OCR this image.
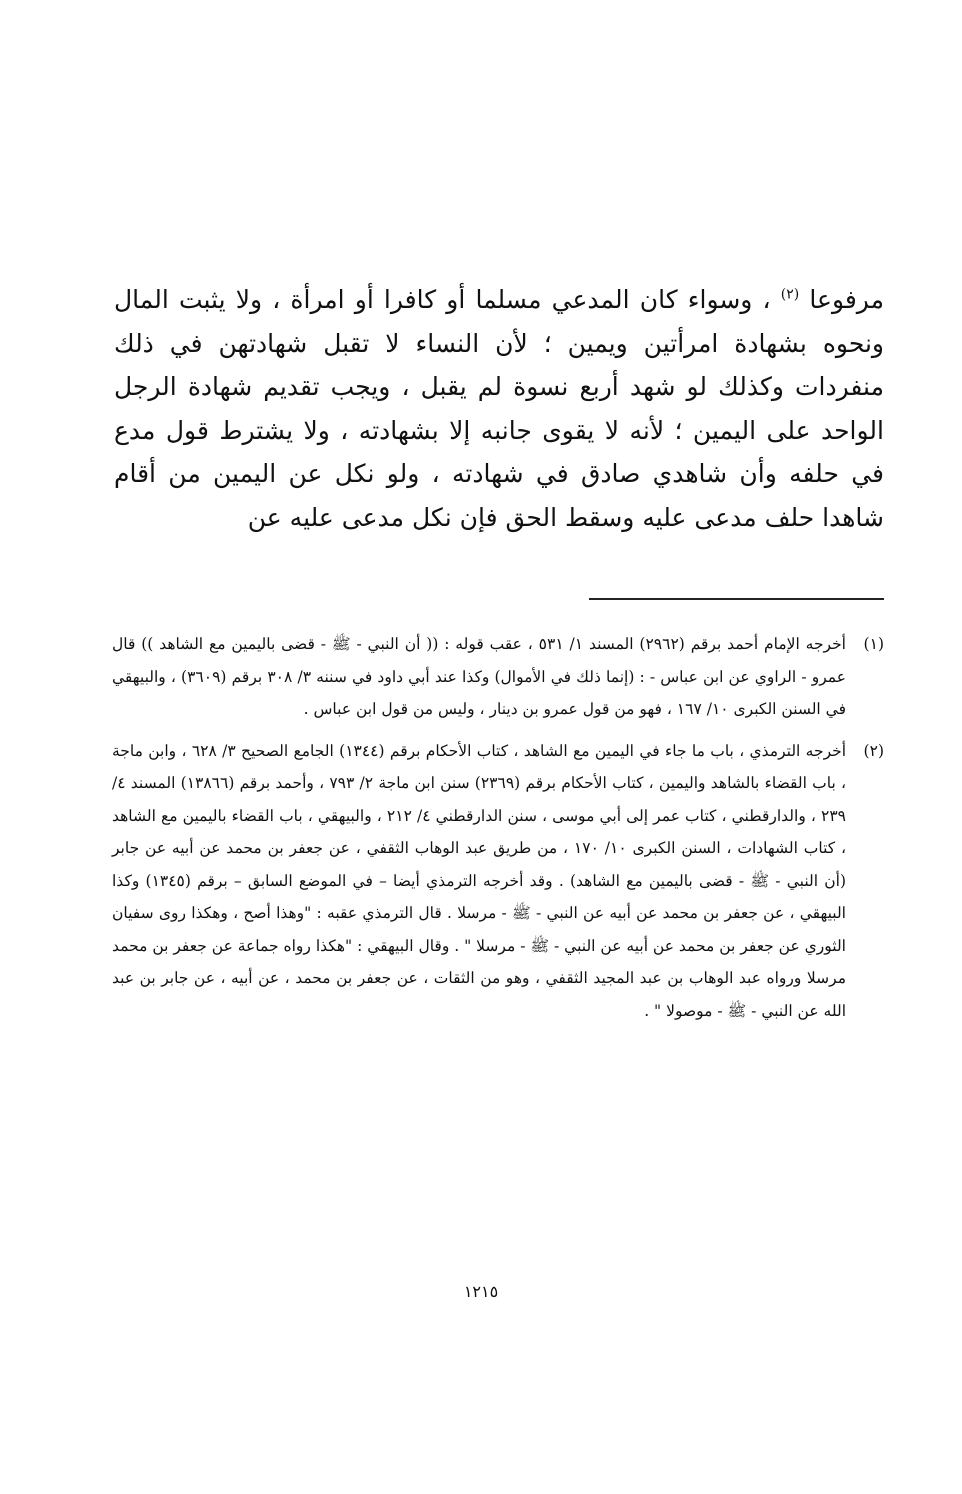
مرفوعا $^{(٢)}$ ، وسواء كان المدعي مسلما أو كافرا أو امرأة ، ولا يثبت المال ونحوه بشهادة امرأتين ويمين ؛ لأن النساء لا تقبل شهادتهن في ذلك منفردات وكذلك لو شهد أربع نسوة لم يقبل ، ويجب تقديم شهادة الرجل الواحد على اليمين ؛ لأنه لا يقوى جانبه إلا بشهادته ، ولا يشترط قول مدع في حلفه وأن شاهدي صادق في شهادته ، ولو نكل عن اليمين من أقام شاهدا حلف مدعى عليه وسقط الحق فإن نكل مدعى عليه عن

(١)
أخرجه الإمام أحمد برقم (٢٩٦٢) المسند ١/ ٥٣١ ، عقب قوله : (( أن النبي - ﷺ - قضى باليمين مع الشاهد )) قال عمرو - الراوي عن ابن عباس - : (إنما ذلك في الأموال) وكذا عند أبي داود في سننه ٣/ ٣٠٨ برقم (٣٦٠٩) ، والبيهقي في السنن الكبرى ١٠/ ١٦٧ ، فهو من قول عمرو بن دينار ، وليس من قول ابن عباس .
(٢)
أخرجه الترمذي ، باب ما جاء في اليمين مع الشاهد ، كتاب الأحكام برقم (١٣٤٤) الجامع الصحيح ٣/ ٦٢٨ ، وابن ماجة ، باب القضاء بالشاهد واليمين ، كتاب الأحكام برقم (٢٣٦٩) سنن ابن ماجة ٢/ ٧٩٣ ، وأحمد برقم (١٣٨٦٦) المسند ٤/ ٢٣٩ ، والدارقطني ، كتاب عمر إلى أبي موسى ، سنن الدارقطني ٤/ ٢١٢ ، والبيهقي ، باب القضاء باليمين مع الشاهد ، كتاب الشهادات ، السنن الكبرى ١٠/ ١٧٠ ، من طريق عبد الوهاب الثقفي ، عن جعفر بن محمد عن أبيه عن جابر (أن النبي - ﷺ - قضى باليمين مع الشاهد) . وقد أخرجه الترمذي أيضا – في الموضع السابق – برقم (١٣٤٥) وكذا البيهقي ، عن جعفر بن محمد عن أبيه عن النبي - ﷺ - مرسلا . قال الترمذي عقبه : "وهذا أصح ، وهكذا روى سفيان الثوري عن جعفر بن محمد عن أبيه عن النبي - ﷺ - مرسلا " . وقال البيهقي : "هكذا رواه جماعة عن جعفر بن محمد مرسلا ورواه عبد الوهاب بن عبد المجيد الثقفي ، وهو من الثقات ، عن جعفر بن محمد ، عن أبيه ، عن جابر بن عبد الله عن النبي - ﷺ - موصولا " .
١٢١٥
